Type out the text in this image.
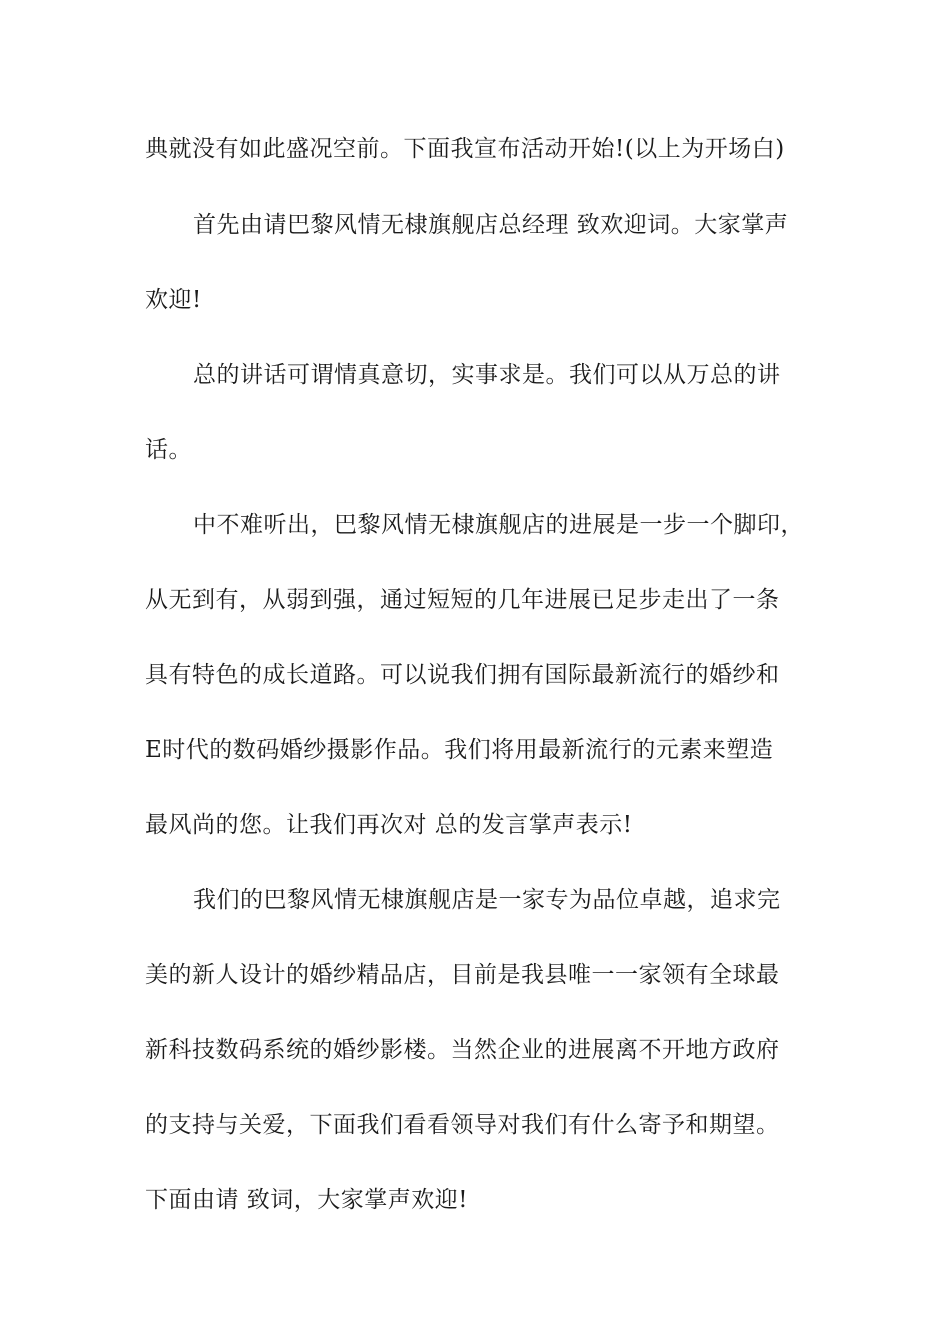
典就没有如此盛况空前。下面我宣布活动开始!(以上为开场白)
首先由请巴黎风情无棣旗舰店总经理 致欢迎词。大家掌声
欢迎!
总的讲话可谓情真意切，实事求是。我们可以从万总的讲
话。
中不难听出，巴黎风情无棣旗舰店的进展是一步一个脚印，
从无到有，从弱到强，通过短短的几年进展已足步走出了一条
具有特色的成长道路。可以说我们拥有国际最新流行的婚纱和
E时代的数码婚纱摄影作品。我们将用最新流行的元素来塑造
最风尚的您。让我们再次对 总的发言掌声表示!
我们的巴黎风情无棣旗舰店是一家专为品位卓越，追求完
美的新人设计的婚纱精品店，目前是我县唯一一家领有全球最
新科技数码系统的婚纱影楼。当然企业的进展离不开地方政府
的支持与关爱，下面我们看看领导对我们有什么寄予和期望。
下面由请 致词，大家掌声欢迎!
